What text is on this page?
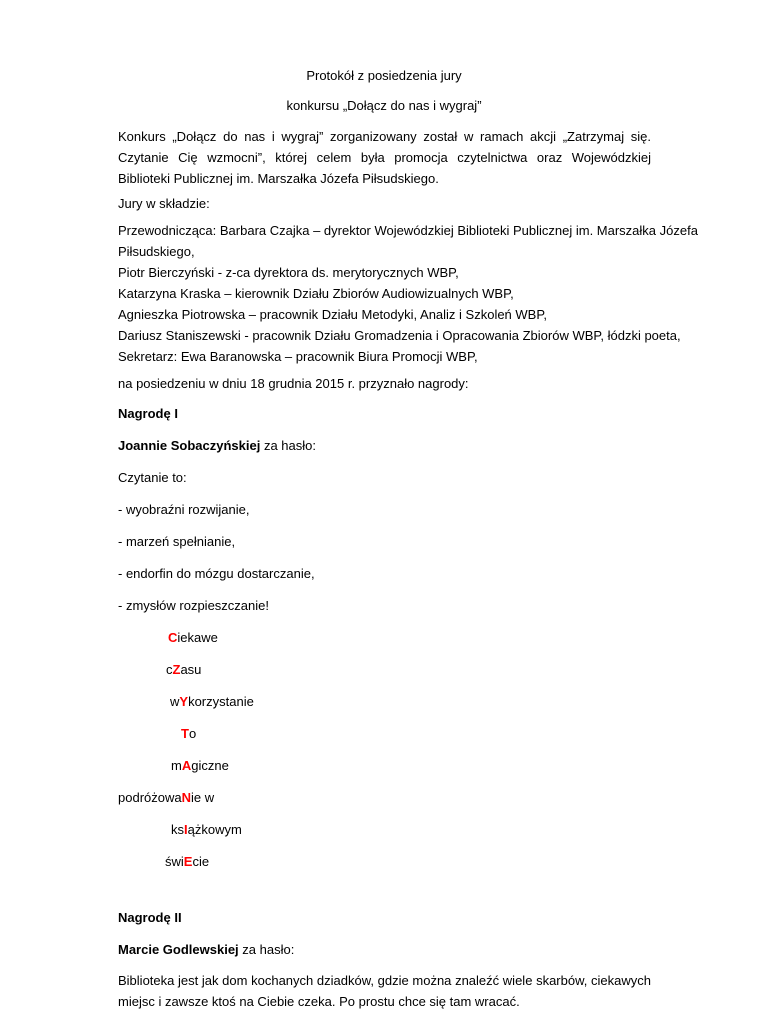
Protokół z posiedzenia jury

konkursu „Dołącz do nas i wygraj”

Konkurs „Dołącz do nas i wygraj” zorganizowany został w ramach akcji „Zatrzymaj się. Czytanie Cię wzmocni”, której celem była promocja czytelnictwa oraz Wojewódzkiej Biblioteki Publicznej im. Marszałka Józefa Piłsudskiego.

Jury w składzie:

Przewodnicząca: Barbara Czajka – dyrektor Wojewódzkiej Biblioteki Publicznej im. Marszałka Józefa
Piłsudskiego,
Piotr Bierczyński - z-ca dyrektora ds. merytorycznych WBP,
Katarzyna Kraska – kierownik Działu Zbiorów Audiowizualnych WBP,
Agnieszka Piotrowska – pracownik Działu Metodyki, Analiz i Szkoleń WBP,
Dariusz Staniszewski - pracownik Działu Gromadzenia i Opracowania Zbiorów WBP, łódzki poeta,
Sekretarz: Ewa Baranowska – pracownik Biura Promocji WBP,

na posiedzeniu w dniu 18 grudnia 2015 r. przyznało nagrody:

Nagrodę I

Joannie Sobaczyńskiej za hasło:

Czytanie to:

- wyobraźni rozwijanie,

- marzeń spełnianie,

- endorfin do mózgu dostarczanie,

- zmysłów rozpieszczanie!

Ciekawe

cZasu

wYkorzystanie

To

mAgiczne

podróżowaNie w

ksIążkowym

świEcie

Nagrodę II

Marcie Godlewskiej za hasło:

Biblioteka jest jak dom kochanych dziadków, gdzie można znaleźć wiele skarbów, ciekawych miejsc i zawsze ktoś na Ciebie czeka. Po prostu chce się tam wracać.
